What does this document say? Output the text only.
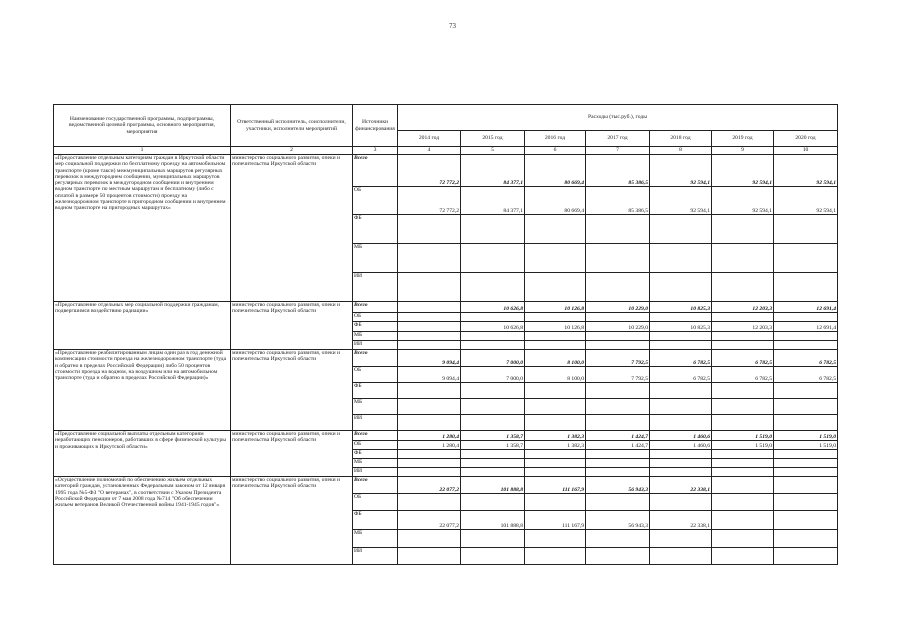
73
Наименование государственной программы, подпрограммы, ведомственной целевой программы, основного мероприятия, мероприятия	Ответственный исполнитель, соисполнители, участники, исполнители мероприятий	Источники финансирования	Расходы (тыс.руб.), годы						
			2014 год	2015 год	2016 год	2017 год	2018 год	2019 год	2020 год
1	2	3	4	5	6	7	8	9	10
«Предоставление отдельным категориям граждан в Иркутской области мер социальной поддержки по бесплатному проезду на автомобильном транспорте (кроме такси) межмуниципальных маршрутов регулярных перевозок в междугороднем сообщении, муниципальных маршрутов регулярных перевозок в междугородном сообщении и внутреннем водном транспорте по местным маршрутам и бесплатному (либо с оплатой в размере 50 процентов стоимости) проезду на железнодорожном транспорте в пригородном сообщении и внутреннем водном транспорте на пригородных маршрутах»	министерство социального развития, опеки и попечительства Иркутской области	Всего	72 772,2	84 377,1	80 669,4	85 386,5	92 594,1	92 594,1	92 594,1
		ОБ	72 772,2	84 377,1	80 669,4	85 386,5	92 594,1	92 594,1	92 594,1
		ФБ							
		МБ							
		ИИ							
«Предоставление отдельных мер социальной поддержки гражданам, подвергшимся воздействию радиации»	министерство социального развития, опеки и попечительства Иркутской области	Всего		10 626,8	10 126,8	10 229,0	10 825,3	12 203,3	12 691,4
		ОБ							
		ФБ		10 626,8	10 126,8	10 229,0	10 825,3	12 203,3	12 691,4
		МБ							
		ИИ							
«Предоставление реабилитированным лицам один раз в год денежной компенсации стоимости проезда на железнодорожном транспорте (туда и обратно в пределах Российской Федерации) либо 50 процентов стоимости проезда на водном, на воздушном или на автомобильном транспорте (туда и обратно в пределах Российской Федерации)»	министерство социального развития, опеки и попечительства Иркутской области	Всего	9 094,4	7 000,0	8 100,0	7 792,5	6 782,5	6 782,5	6 782,5
		ОБ	9 094,4	7 000,0	8 100,0	7 792,5	6 782,5	6 782,5	6 782,5
		ФБ							
		МБ							
		ИИ							
«Предоставление социальной выплаты отдельным категориям неработающих пенсионеров, работавших в сфере физической культуры и проживающих в Иркутской области»	министерство социального развития, опеки и попечительства Иркутской области	Всего	1 280,4	1 358,7	1 382,3	1 424,7	1 460,6	1 519,0	1 519,0
		ОБ	1 280,4	1 358,7	1 382,3	1 424,7	1 460,6	1 519,0	1 519,0
		ФБ							
		МБ							
		ИИ							
«Осуществление полномочий по обеспечению жильем отдельных категорий граждан, установленных Федеральным законом от 12 января 1995 года №5-ФЗ "О ветеранах", в соответствии с Указом Президента Российской Федерации от 7 мая 2008 года №714 "Об обеспечении жильем ветеранов Великой Отечественной войны 1941-1945 годов"»	министерство социального развития, опеки и попечительства Иркутской области	Всего	22 077,2	101 888,8	111 167,9	56 943,3	22 338,1		
		ОБ							
		ФБ	22 077,2	101 888,8	111 167,9	56 943,3	22 338,1		
		МБ							
		ИИ							
